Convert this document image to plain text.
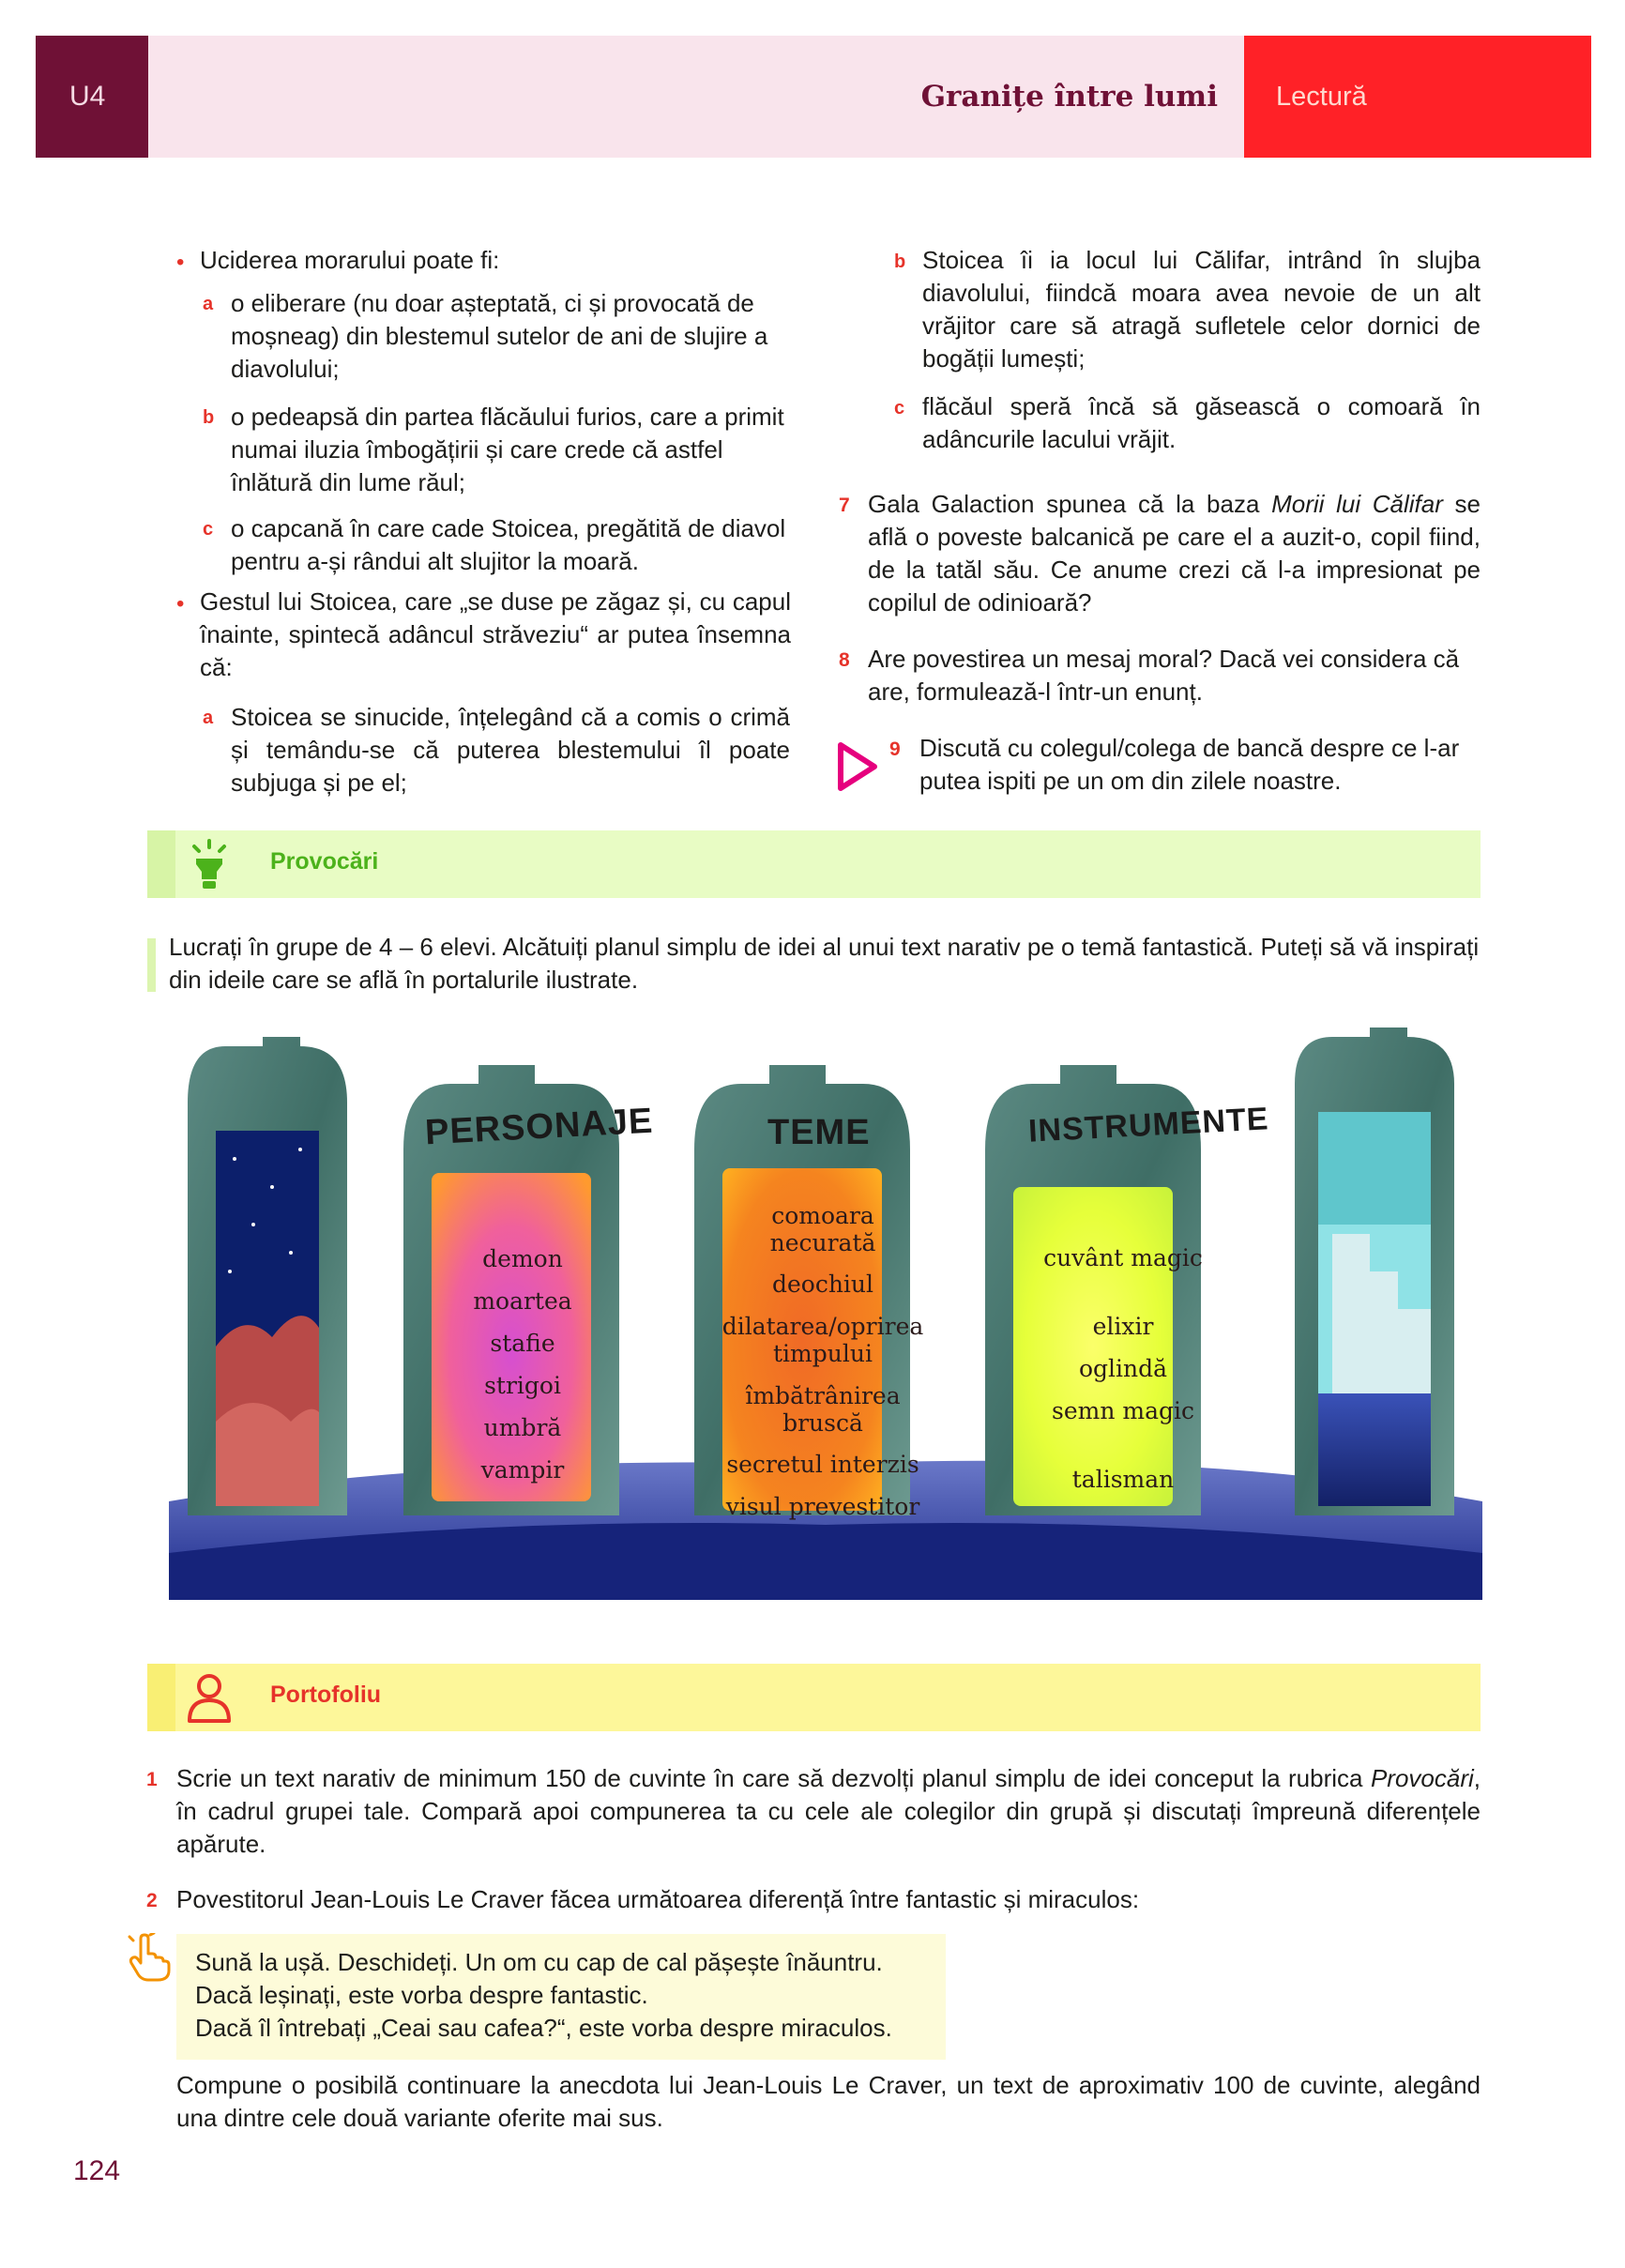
U4	Granițe între lumi Lectură
• Uciderea morarului poate fi:
a o eliberare (nu doar așteptată, ci și provocată de moșneag) din blestemul sutelor de ani de slujire a diavolului;
b o pedeapsă din partea flăcăului furios, care a primit numai iluzia îmbogățirii și care crede că astfel înlătură din lume răul;
c o capcană în care cade Stoicea, pregătită de diavol pentru a-și rândui alt slujitor la moară.
• Gestul lui Stoicea, care „se duse pe zăgaz și, cu capul înainte, spintecă adâncul străveziu“ ar putea însemna că:
a Stoicea se sinucide, înțelegând că a comis o crimă și temându-se că puterea blestemului îl poate subjuga și pe el;
b Stoicea îi ia locul lui Călifar, intrând în slujba diavolului, fiindcă moara avea nevoie de un alt vrăjitor care să atragă sufletele celor dornici de bogății lumești;
c flăcăul speră încă să găsească o comoară în adâncurile lacului vrăjit.
7 Gala Galaction spunea că la baza Morii lui Călifar se află o poveste balcanică pe care el a auzit-o, copil fiind, de la tatăl său. Ce anume crezi că l-a impresionat pe copilul de odinioară?
8 Are povestirea un mesaj moral? Dacă vei considera că are, formulează-l într-un enunț.
9 Discută cu colegul/colega de bancă despre ce l-ar putea ispiti pe un om din zilele noastre.
Provocări
Lucrați în grupe de 4 – 6 elevi. Alcătuiți planul simplu de idei al unui text narativ pe o temă fantastică. Puteți să vă inspirați din ideile care se află în portalurile ilustrate.
PERSONAJE	TEME	INSTRUMENTE
demon
moartea
stafie
strigoi
umbră
vampir
comoara necurată
deochiul
dilatarea/oprirea timpului
îmbătrânirea bruscă
secretul interzis
visul prevestitor
cuvânt magic
elixir
oglindă
semn magic
talisman
Portofoliu
1 Scrie un text narativ de minimum 150 de cuvinte în care să dezvolți planul simplu de idei conceput la rubrica Provocări, în cadrul grupei tale. Compară apoi compunerea ta cu cele ale colegilor din grupă și discutați împreună diferențele apărute.
2 Povestitorul Jean-Louis Le Craver făcea următoarea diferență între fantastic și miraculos:
Sună la ușă. Deschideți. Un om cu cap de cal pășește înăuntru.
Dacă leșinați, este vorba despre fantastic.
Dacă îl întrebați „Ceai sau cafea?“, este vorba despre miraculos.
Compune o posibilă continuare la anecdota lui Jean-Louis Le Craver, un text de aproximativ 100 de cuvinte, alegând una dintre cele două variante oferite mai sus.
124
